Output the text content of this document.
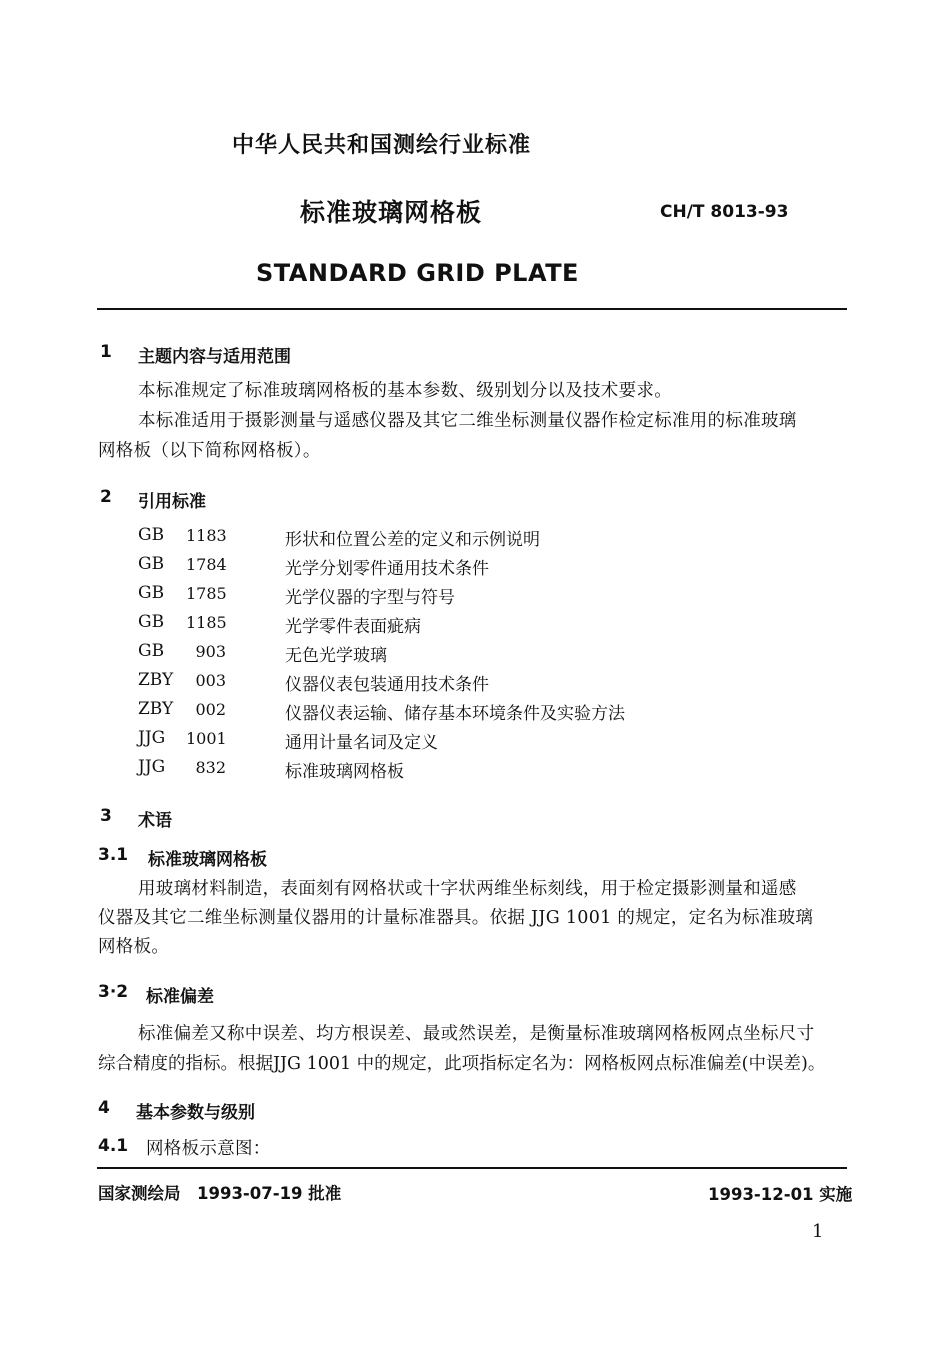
中华人民共和国测绘行业标准
标准玻璃网格板	CH/T 8013-93
STANDARD GRID PLATE
1 主题内容与适用范围
本标准规定了标准玻璃网格板的基本参数、级别划分以及技术要求。
本标准适用于摄影测量与遥感仪器及其它二维坐标测量仪器作检定标准用的标准玻璃
网格板（以下简称网格板）。
2 引用标准
GB 1183	形状和位置公差的定义和示例说明
GB 1784	光学分划零件通用技术条件
GB 1785	光学仪器的字型与符号
GB 1185	光学零件表面疵病
GB	903	无色光学玻璃
ZBY	003	仪器仪表包装通用技术条件
ZBY	002	仪器仪表运输、储存基本环境条件及实验方法
JJG 1001	通用计量名词及定义
JJG	832	标准玻璃网格板
3 术语
3.1 标准玻璃网格板
用玻璃材料制造，表面刻有网格状或十字状两维坐标刻线，用于检定摄影测量和遥感
仪器及其它二维坐标测量仪器用的计量标准器具。依据 JJG 1001 的规定，定名为标准玻璃
网格板。
3·2 标准偏差
标准偏差又称中误差、均方根误差、最或然误差，是衡量标准玻璃网格板网点坐标尺寸
综合精度的指标。根据JJG 1001 中的规定，此项指标定名为：网格板网点标准偏差(中误差)。
4 基本参数与级别
4.1 网格板示意图：
国家测绘局　1993-07-19 批准	1993-12-01 实施
1
